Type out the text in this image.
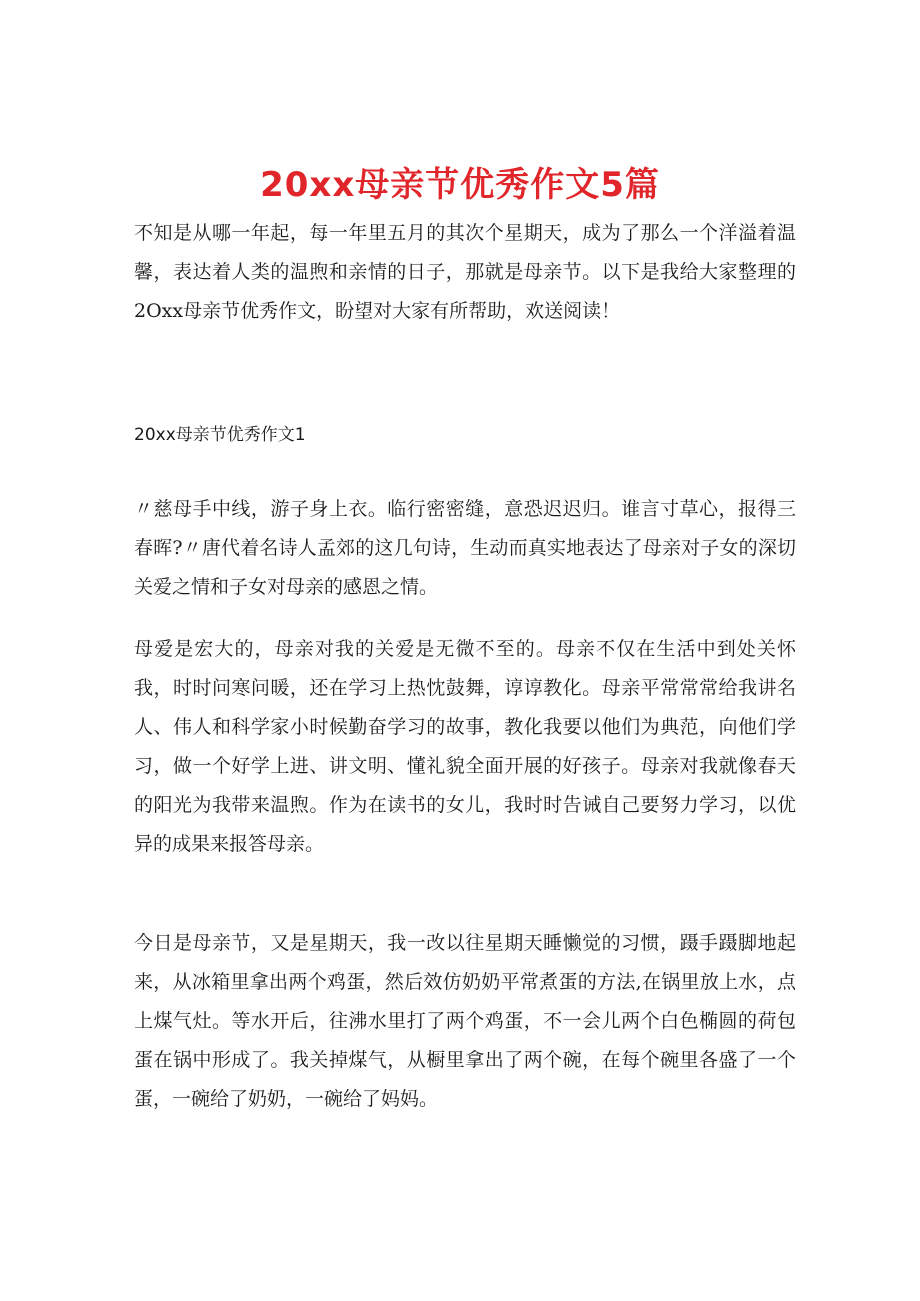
20xx母亲节优秀作文5篇

不知是从哪一年起，每一年里五月的其次个星期天，成为了那么一个洋溢着温馨，表达着人类的温煦和亲情的日子，那就是母亲节。以下是我给大家整理的2Oxx母亲节优秀作文，盼望对大家有所帮助，欢送阅读！

20xx母亲节优秀作文1

〃慈母手中线，游子身上衣。临行密密缝，意恐迟迟归。谁言寸草心，报得三春晖?〃唐代着名诗人孟郊的这几句诗，生动而真实地表达了母亲对子女的深切关爱之情和子女对母亲的感恩之情。

母爱是宏大的，母亲对我的关爱是无微不至的。母亲不仅在生活中到处关怀我，时时问寒问暖，还在学习上热忱鼓舞，谆谆教化。母亲平常常常给我讲名人、伟人和科学家小时候勤奋学习的故事，教化我要以他们为典范，向他们学习，做一个好学上进、讲文明、懂礼貌全面开展的好孩子。母亲对我就像春天的阳光为我带来温煦。作为在读书的女儿，我时时告诫自己要努力学习，以优异的成果来报答母亲。

今日是母亲节，又是星期天，我一改以往星期天睡懒觉的习惯，蹑手蹑脚地起来，从冰箱里拿出两个鸡蛋，然后效仿奶奶平常煮蛋的方法,在锅里放上水，点上煤气灶。等水开后，往沸水里打了两个鸡蛋，不一会儿两个白色椭圆的荷包蛋在锅中形成了。我关掉煤气，从橱里拿出了两个碗，在每个碗里各盛了一个蛋，一碗给了奶奶，一碗给了妈妈。
